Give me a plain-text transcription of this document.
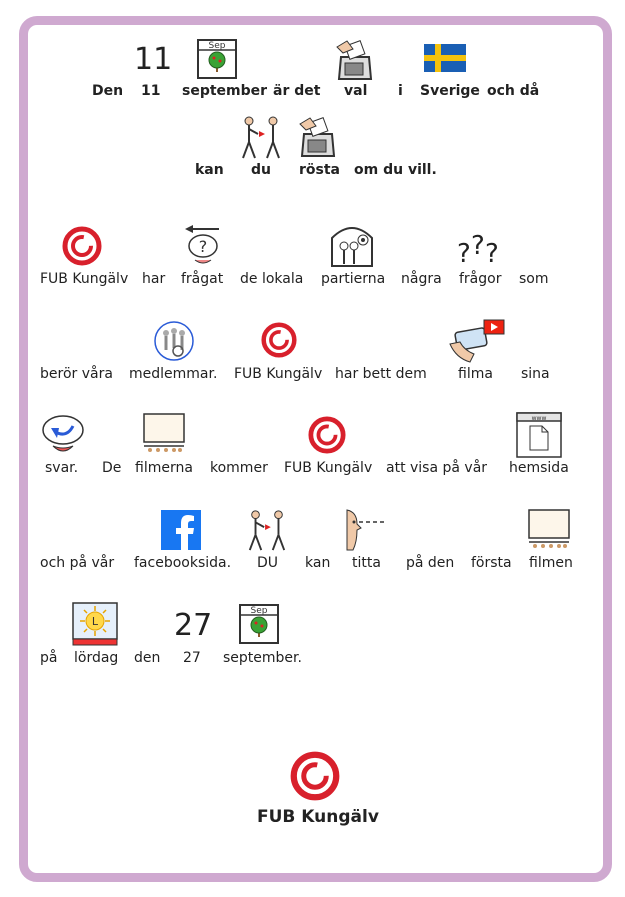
11	Sep
Den 11 september är det val i Sverige och då
kan du rösta om du vill.
?	? ? ?
FUB Kungälv har frågat de lokala partierna några frågor som
berör våra medlemmar. FUB Kungälv har bett dem filma sina
www
svar. De filmerna kommer FUB Kungälv att visa på vår hemsida
och på vår facebooksida. DU kan titta på den första filmen
L	27	Sep
på lördag den 27 september.
FUB Kungälv
